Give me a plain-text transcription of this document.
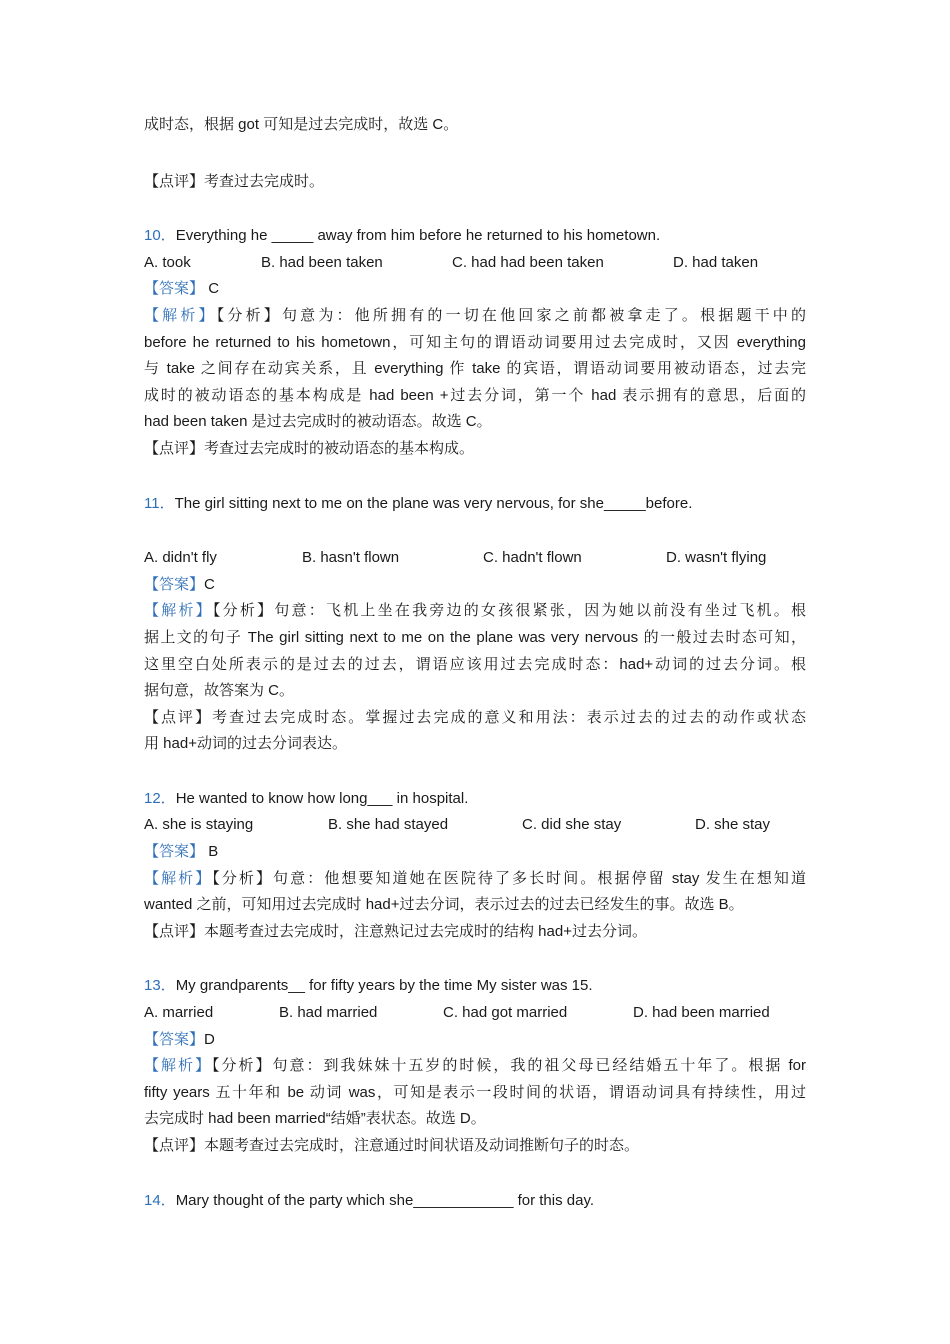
成时态，根据 got 可知是过去完成时，故选 C。
【点评】考查过去完成时。
10．Everything he _____ away from him before he returned to his hometown.
A. took	B. had been taken	C. had had been taken	D. had taken
【答案】 C
【解析】【分析】句意为：他所拥有的一切在他回家之前都被拿走了。根据题干中的
before he returned to his hometown，可知主句的谓语动词要用过去完成时，又因 everything
与 take 之间存在动宾关系，且 everything 作 take 的宾语，谓语动词要用被动语态，过去完
成时的被动语态的基本构成是 had been +过去分词，第一个 had 表示拥有的意思，后面的
had been taken 是过去完成时的被动语态。故选 C。
【点评】考查过去完成时的被动语态的基本构成。
11．The girl sitting next to me on the plane was very nervous, for she_____before.
A. didn't fly	B. hasn't flown	C. hadn't flown	D. wasn't flying
【答案】C
【解析】【分析】句意：飞机上坐在我旁边的女孩很紧张，因为她以前没有坐过飞机。根
据上文的句子 The girl sitting next to me on the plane was very nervous 的一般过去时态可知，
这里空白处所表示的是过去的过去，谓语应该用过去完成时态：had+动词的过去分词。根
据句意，故答案为 C。
【点评】考查过去完成时态。掌握过去完成的意义和用法：表示过去的过去的动作或状态
用 had+动词的过去分词表达。
12．He wanted to know how long___ in hospital.
A. she is staying	B. she had stayed	C. did she stay	D. she stay
【答案】 B
【解析】【分析】句意：他想要知道她在医院待了多长时间。根据停留 stay 发生在想知道
wanted 之前，可知用过去完成时 had+过去分词，表示过去的过去已经发生的事。故选 B。
【点评】本题考查过去完成时，注意熟记过去完成时的结构 had+过去分词。
13．My grandparents__ for fifty years by the time My sister was 15.
A. married	B. had married	C. had got married	D. had been married
【答案】D
【解析】【分析】句意：到我妹妹十五岁的时候，我的祖父母已经结婚五十年了。根据 for
fifty years 五十年和 be 动词 was，可知是表示一段时间的状语，谓语动词具有持续性，用过
去完成时 had been married“结婚”表状态。故选 D。
【点评】本题考查过去完成时，注意通过时间状语及动词推断句子的时态。
14．Mary thought of the party which she____________ for this day.
